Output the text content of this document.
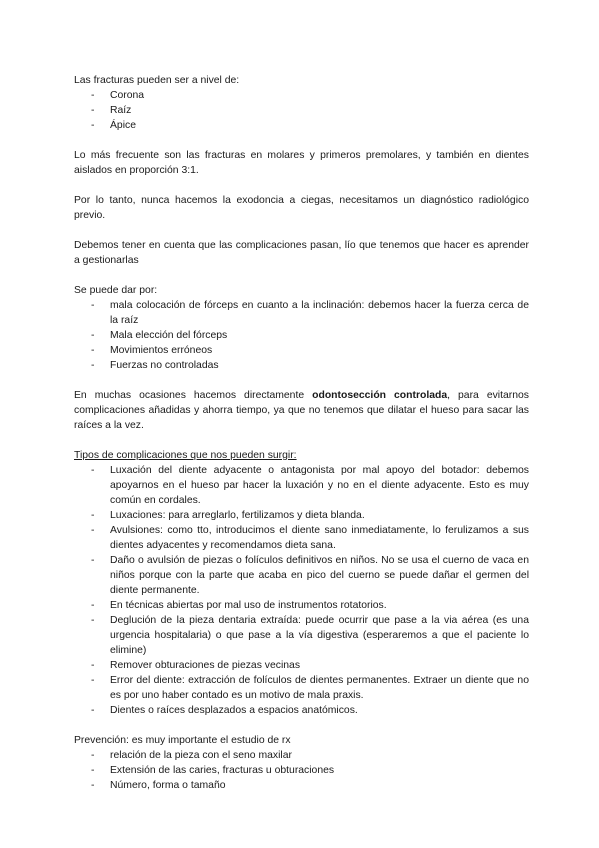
Las fracturas pueden ser a nivel de:

- Corona
- Raíz
- Ápice

Lo más frecuente son las fracturas en molares y primeros premolares, y también en dientes aislados en proporción 3:1.

Por lo tanto, nunca hacemos la exodoncia a ciegas, necesitamos un diagnóstico radiológico previo.

Debemos tener en cuenta que las complicaciones pasan, lío que tenemos que hacer es aprender a gestionarlas

Se puede dar por:

- mala colocación de fórceps en cuanto a la inclinación: debemos hacer la fuerza cerca de la raíz
- Mala elección del fórceps
- Movimientos erróneos
- Fuerzas no controladas

En muchas ocasiones hacemos directamente odontosección controlada, para evitarnos complicaciones añadidas y ahorra tiempo, ya que no tenemos que dilatar el hueso para sacar las raíces a la vez.

Tipos de complicaciones que nos pueden surgir:

- Luxación del diente adyacente o antagonista por mal apoyo del botador: debemos apoyarnos en el hueso par hacer la luxación y no en el diente adyacente. Esto es muy común en cordales.
- Luxaciones: para arreglarlo, fertilizamos y dieta blanda.
- Avulsiones: como tto, introducimos el diente sano inmediatamente, lo ferulizamos a sus dientes adyacentes y recomendamos dieta sana.
- Daño o avulsión de piezas o folículos definitivos en niños. No se usa el cuerno de vaca en niños porque con la parte que acaba en pico del cuerno se puede dañar el germen del diente permanente.
- En técnicas abiertas por mal uso de instrumentos rotatorios.
- Deglución de la pieza dentaria extraída: puede ocurrir que pase a la via aérea (es una urgencia hospitalaria) o que pase a la vía digestiva (esperaremos a que el paciente lo elimine)
- Remover obturaciones de piezas vecinas
- Error del diente: extracción de folículos de dientes permanentes. Extraer un diente que no es por uno haber contado es un motivo de mala praxis.
- Dientes o raíces desplazados a espacios anatómicos.

Prevención: es muy importante el estudio de rx

- relación de la pieza con el seno maxilar
- Extensión de las caries, fracturas u obturaciones
- Número, forma o tamaño
